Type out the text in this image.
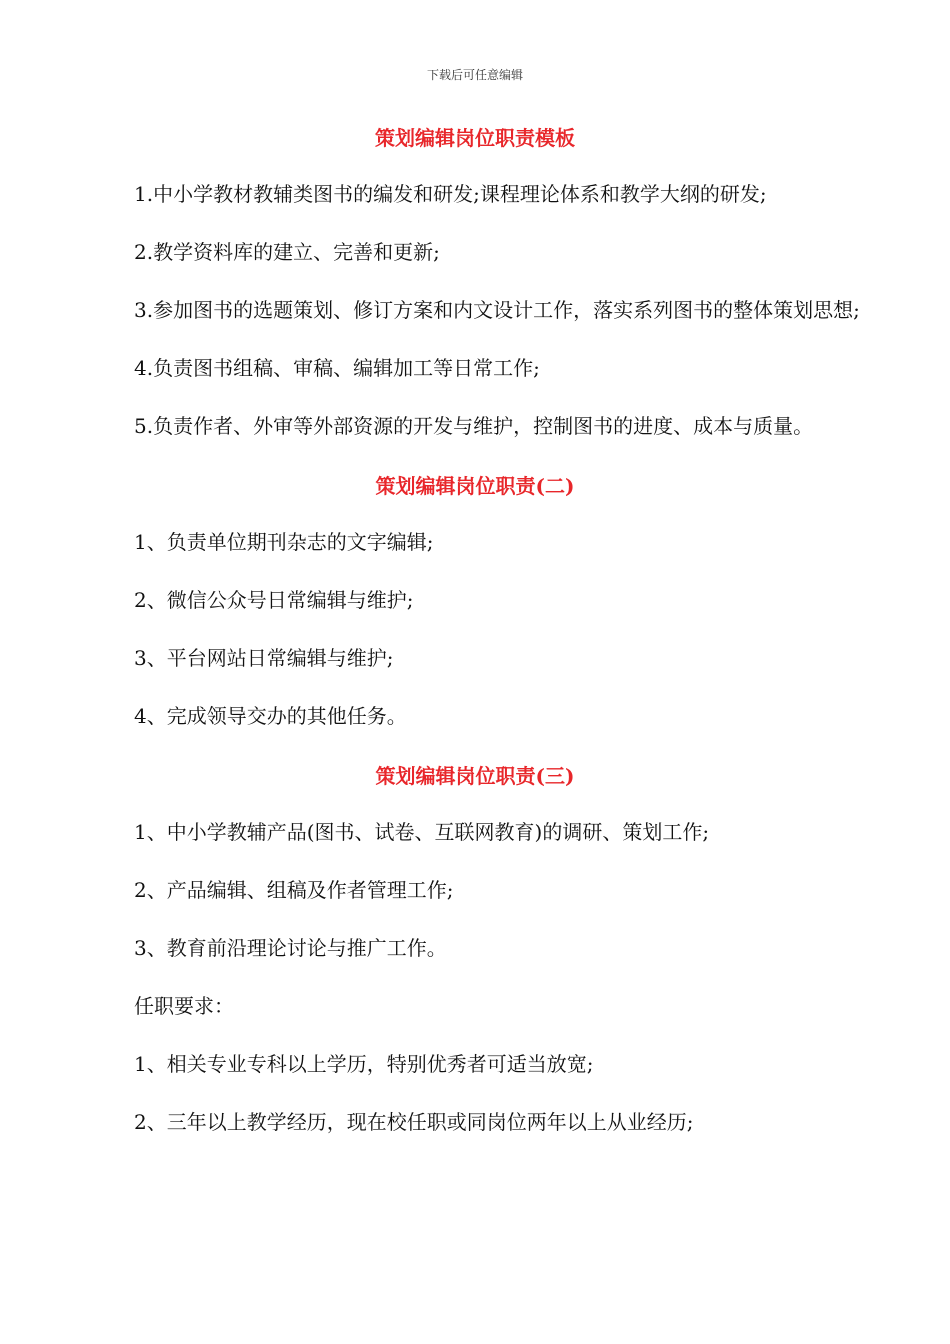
下载后可任意编辑
策划编辑岗位职责模板

1.中小学教材教辅类图书的编发和研发;课程理论体系和教学大纲的研发;

2.教学资料库的建立、完善和更新;

3.参加图书的选题策划、修订方案和内文设计工作，落实系列图书的整体策划思想;

4.负责图书组稿、审稿、编辑加工等日常工作;

5.负责作者、外审等外部资源的开发与维护，控制图书的进度、成本与质量。

策划编辑岗位职责(二)

1、负责单位期刊杂志的文字编辑;

2、微信公众号日常编辑与维护;

3、平台网站日常编辑与维护;

4、完成领导交办的其他任务。

策划编辑岗位职责(三)

1、中小学教辅产品(图书、试卷、互联网教育)的调研、策划工作;

2、产品编辑、组稿及作者管理工作;

3、教育前沿理论讨论与推广工作。

任职要求：

1、相关专业专科以上学历，特别优秀者可适当放宽;

2、三年以上教学经历，现在校任职或同岗位两年以上从业经历;
